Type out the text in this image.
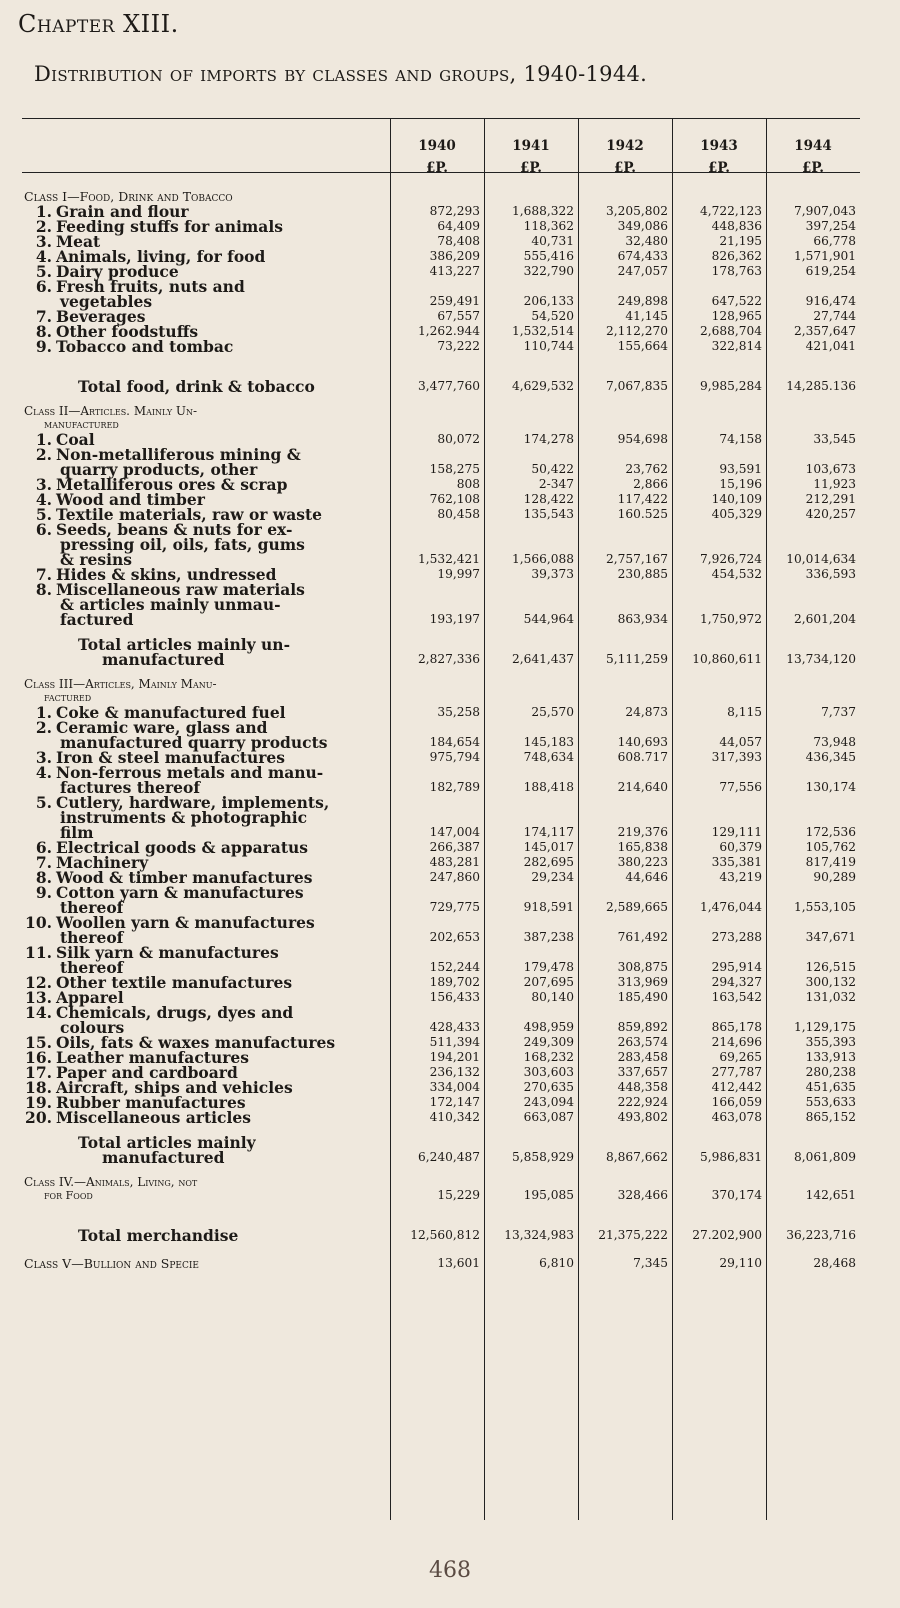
Chapter XIII.
Distribution of imports by classes and groups, 1940-1944.
	1940	1941	1942	1943	1944
	£P.	£P.	£P.	£P.	£P.
Class I—Food, Drink and Tobacco					
1. Grain and flour	872,293	1,688,322	3,205,802	4,722,123	7,907,043
2. Feeding stuffs for animals	64,409	118,362	349,086	448,836	397,254
3. Meat	78,408	40,731	32,480	21,195	66,778
4. Animals, living, for food	386,209	555,416	674,433	826,362	1,571,901
5. Dairy produce	413,227	322,790	247,057	178,763	619,254
6. Fresh fruits, nuts and
vegetables	259,491	206,133	249,898	647,522	916,474
7. Beverages	67,557	54,520	41,145	128,965	27,744
8. Other foodstuffs	1,262.944	1,532,514	2,112,270	2,688,704	2,357,647
9. Tobacco and tombac	73,222	110,744	155,664	322,814	421,041
Total food, drink & tobacco	3,477,760	4,629,532	7,067,835	9,985,284	14,285.136
Class II—Articles. Mainly Un-
manufactured					

1. Coal	80,072	174,278	954,698	74,158	33,545
2. Non-metalliferous mining &
quarry products, other	158,275	50,422	23,762	93,591	103,673
3. Metalliferous ores & scrap	808	2-347	2,866	15,196	11,923
4. Wood and timber	762,108	128,422	117,422	140,109	212,291
5. Textile materials, raw or waste	80,458	135,543	160.525	405,329	420,257
6. Seeds, beans & nuts for ex-
pressing oil, oils, fats, gums
& resins	1,532,421	1,566,088	2,757,167	7,926,724	10,014,634
7. Hides & skins, undressed	19,997	39,373	230,885	454,532	336,593
8. Miscellaneous raw materials
& articles mainly unmau-
factured	193,197	544,964	863,934	1,750,972	2,601,204
Total articles mainly un-
manufactured	2,827,336	2,641,437	5,111,259	10,860,611	13,734,120
Class III—Articles, Mainly Manu-
factured					

1. Coke & manufactured fuel	35,258	25,570	24,873	8,115	7,737
2. Ceramic ware, glass and
manufactured quarry products	184,654	145,183	140,693	44,057	73,948
3. Iron & steel manufactures	975,794	748,634	608.717	317,393	436,345
4. Non-ferrous metals and manu-
factures thereof	182,789	188,418	214,640	77,556	130,174
5. Cutlery, hardware, implements,
instruments & photographic
film	147,004	174,117	219,376	129,111	172,536
6. Electrical goods & apparatus	266,387	145,017	165,838	60,379	105,762
7. Machinery	483,281	282,695	380,223	335,381	817,419
8. Wood & timber manufactures	247,860	29,234	44,646	43,219	90,289
9. Cotton yarn & manufactures
thereof	729,775	918,591	2,589,665	1,476,044	1,553,105
10. Woollen yarn & manufactures
thereof	202,653	387,238	761,492	273,288	347,671
11. Silk yarn & manufactures
thereof	152,244	179,478	308,875	295,914	126,515
12. Other textile manufactures	189,702	207,695	313,969	294,327	300,132
13. Apparel	156,433	80,140	185,490	163,542	131,032
14. Chemicals, drugs, dyes and
colours	428,433	498,959	859,892	865,178	1,129,175
15. Oils, fats & waxes manufactures	511,394	249,309	263,574	214,696	355,393
16. Leather manufactures	194,201	168,232	283,458	69,265	133,913
17. Paper and cardboard	236,132	303,603	337,657	277,787	280,238
18. Aircraft, ships and vehicles	334,004	270,635	448,358	412,442	451,635
19. Rubber manufactures	172,147	243,094	222,924	166,059	553,633
20. Miscellaneous articles	410,342	663,087	493,802	463,078	865,152
Total articles mainly
manufactured	6,240,487	5,858,929	8,867,662	5,986,831	8,061,809
Class IV.—Animals, Living, not
for Food	15,229	195,085	328,466	370,174	142,651
Total merchandise	12,560,812	13,324,983	21,375,222	27.202,900	36,223,716
Class V—Bullion and Specie	13,601	6,810	7,345	29,110	28,468
468
